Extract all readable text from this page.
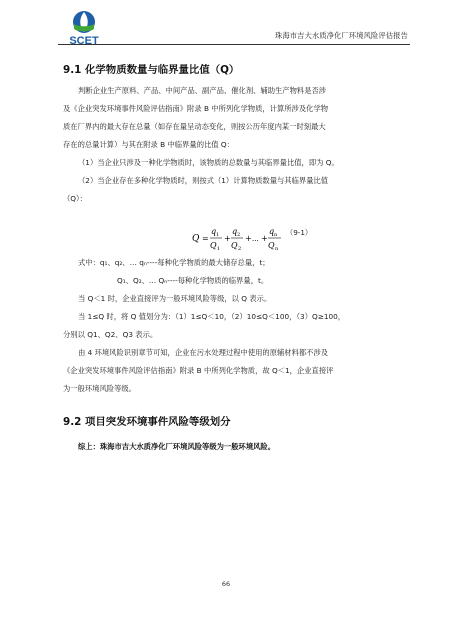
SCET	珠海市吉大水质净化厂环境风险评估报告
9.1 化学物质数量与临界量比值（Q）
判断企业生产原料、产品、中间产品、副产品、催化剂、辅助生产物料是否涉
及《企业突发环境事件风险评估指南》附录 B 中所列化学物质，计算所涉及化学物
质在厂界内的最大存在总量（如存在量呈动态变化，则按公历年度内某一时刻最大
存在的总量计算）与其在附录 B 中临界量的比值 Q：
（1）当企业只涉及一种化学物质时，该物质的总数量与其临界量比值，即为 Q。
（2）当企业存在多种化学物质时，则按式（1）计算物质数量与其临界量比值
（Q）：
Q =
q 1
Q 1
+
q 2
Q 2
+ ... +
q n
Q n
（9-1）
式中：q₁、q₂、… qₙ----每种化学物质的最大储存总量，t；
Q₁、Q₂、… Qₙ----每种化学物质的临界量，t。
当 Q＜1 时，企业直接评为一般环境风险等级，以 Q 表示。
当 1≤Q 时，将 Q 值划分为：（1）1≤Q＜10，（2）10≤Q＜100，（3）Q≥100，
分别以 Q1、Q2、Q3 表示。
由 4 环境风险识别章节可知，企业在污水处理过程中使用的原辅材料都不涉及
《企业突发环境事件风险评估指南》附录 B 中所列化学物质，故 Q＜1，企业直接评
为一般环境风险等级。
9.2 项目突发环境事件风险等级划分
综上：珠海市吉大水质净化厂环境风险等级为一般环境风险。
66
